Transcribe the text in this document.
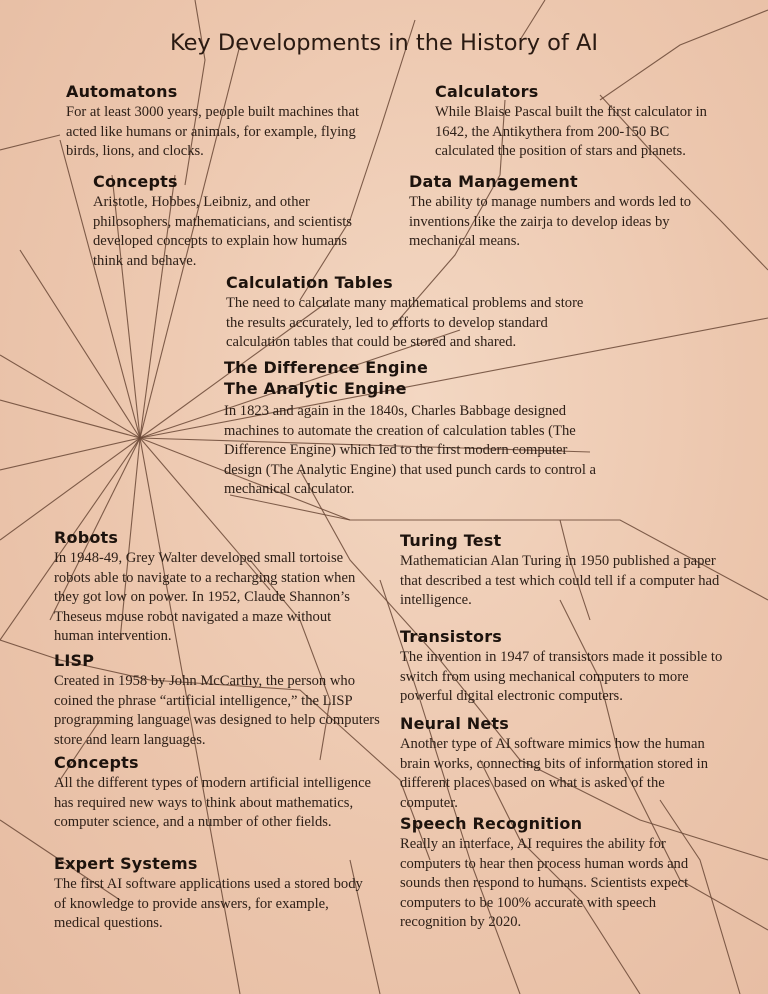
Key Developments in the History of AI
Automatons

For at least 3000 years, people built machines that acted like humans or animals, for example, flying birds, lions, and clocks.

Calculators

While Blaise Pascal built the first calculator in 1642, the Antikythera from 200-150 BC calculated the position of stars and planets.

Concepts

Aristotle, Hobbes, Leibniz, and other philosophers, mathematicians, and scientists developed concepts to explain how humans think and behave.

Data Management

The ability to manage numbers and words led to inventions like the zairja to develop ideas by mechanical means.

Calculation Tables

The need to calculate many mathematical problems and store the results accurately, led to efforts to develop standard calculation tables that could be stored and shared.

The Difference Engine
The Analytic Engine

In 1823 and again in the 1840s, Charles Babbage designed machines to automate the creation of calculation tables (The Difference Engine) which led to the first modern computer design (The Analytic Engine) that used punch cards to control a mechanical calculator.

Robots

In 1948-49, Grey Walter developed small tortoise robots able to navigate to a recharging station when they got low on power. In 1952, Claude Shannon’s Theseus mouse robot navigated a maze without human intervention.

Turing Test

Mathematician Alan Turing in 1950 published a paper that described a test which could tell if a computer had intelligence.

Transistors

The invention in 1947 of transistors made it possible to switch from using mechanical computers to more powerful digital electronic computers.

LISP

Created in 1958 by John McCarthy, the person who coined the phrase “artificial intelligence,” the LISP programming language was designed to help computers store and learn languages.

Neural Nets

Another type of AI software mimics how the human brain works, connecting bits of information stored in different places based on what is asked of the computer.

Concepts

All the different types of modern artificial intelligence has required new ways to think about mathematics, computer science, and a number of other fields.	Speech Recognition

Really an interface, AI requires the ability for computers to hear then process human words and sounds then respond to humans. Scientists expect computers to be 100% accurate with speech recognition by 2020.

Expert Systems

The first AI software applications used a stored body of knowledge to provide answers, for example, medical questions.
